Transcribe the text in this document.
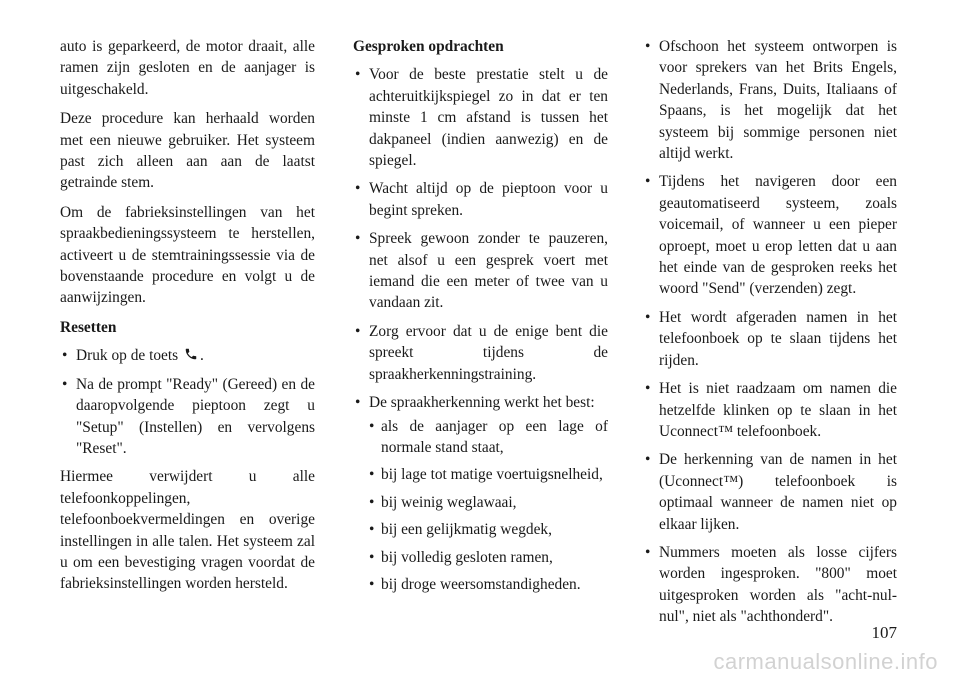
auto is geparkeerd, de motor draait, alle ramen zijn gesloten en de aanjager is uitgeschakeld.

Deze procedure kan herhaald worden met een nieuwe gebruiker. Het systeem past zich alleen aan aan de laatst getrainde stem.

Om de fabrieksinstellingen van het spraakbedieningssysteem te herstellen, activeert u de stemtrainingssessie via de bovenstaande procedure en volgt u de aanwijzingen.

Resetten
• Druk op de toets .
• Na de prompt "Ready" (Gereed) en de daaropvolgende pieptoon zegt u "Setup" (Instellen) en vervolgens "Reset".

Hiermee verwijdert u alle telefoonkoppelingen, telefoonboekvermeldingen en overige instellingen in alle talen. Het systeem zal u om een bevestiging vragen voordat de fabrieksinstellingen worden hersteld.

Gesproken opdrachten
• Voor de beste prestatie stelt u de achteruitkijkspiegel zo in dat er ten minste 1 cm afstand is tussen het dakpaneel (indien aanwezig) en de spiegel.
• Wacht altijd op de pieptoon voor u begint spreken.
• Spreek gewoon zonder te pauzeren, net alsof u een gesprek voert met iemand die een meter of twee van u vandaan zit.
• Zorg ervoor dat u de enige bent die spreekt tijdens de spraakherkenningstraining.
• De spraakherkenning werkt het best:
• als de aanjager op een lage of normale stand staat,
• bij lage tot matige voertuigsnelheid,
• bij weinig weglawaai,
• bij een gelijkmatig wegdek,
• bij volledig gesloten ramen,
• bij droge weersomstandigheden.
• Ofschoon het systeem ontworpen is voor sprekers van het Brits Engels, Nederlands, Frans, Duits, Italiaans of Spaans, is het mogelijk dat het systeem bij sommige personen niet altijd werkt.
• Tijdens het navigeren door een geautomatiseerd systeem, zoals voicemail, of wanneer u een pieper oproept, moet u erop letten dat u aan het einde van de gesproken reeks het woord "Send" (verzenden) zegt.
• Het wordt afgeraden namen in het telefoonboek op te slaan tijdens het rijden.
• Het is niet raadzaam om namen die hetzelfde klinken op te slaan in het Uconnect™ telefoonboek.
• De herkenning van de namen in het (Uconnect™) telefoonboek is optimaal wanneer de namen niet op elkaar lijken.
• Nummers moeten als losse cijfers worden ingesproken. "800" moet uitgesproken worden als "acht-nul-nul", niet als "achthonderd".
107
carmanualsonline.info
